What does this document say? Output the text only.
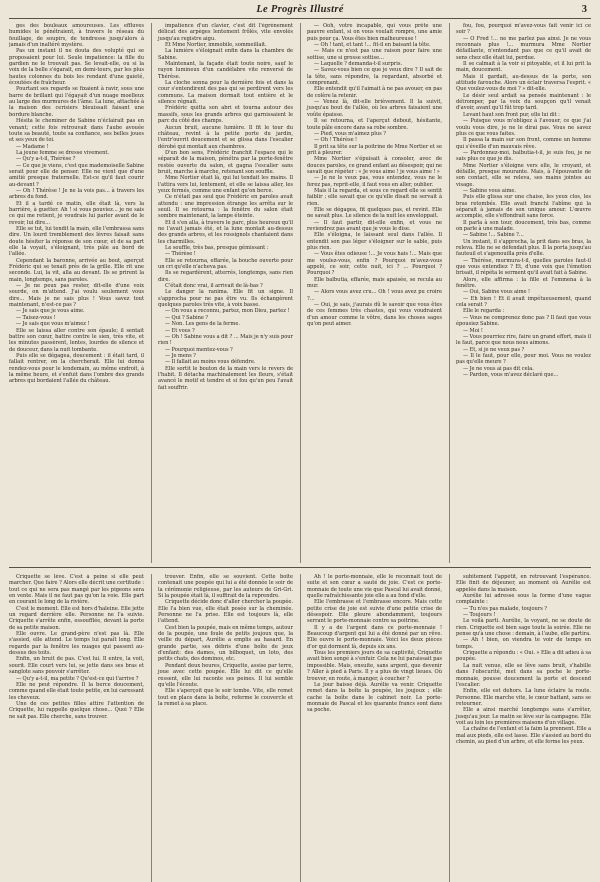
Le Progrès Illustré	3

ges des bouleaux amoureuses. Les effluves humides le pénétraient, à travers le réseau du feuillage, de soupirs, de tendresse jusqu'alors à jamais d'un inaltéré mystère.

Pas un instant il ne douta des volupté qui se proposaient pour lui. Seule impatience: la fille du gardien ne le trouvait pas. Se levait-elle, ou si la voix de la belle s'égarait, en demi-tours, par les plus hautes colonnes du bois les rendant d'une gaieté, écoutées de fraîcheur.

Pourtant ses regards se fixaient à ravir, sous une barre de brillant qui l'égayait d'un nuage moelleux au large des murmures de l'âme. La lune, attachée à la maison des cerisiers bleuissait faisant une bordure blanche.

Hésita le cheminer de Sabine n'éclairait pas en venant; cette fois retrouvait dans l'aube avouée toute sa beauté, toute sa confiance, ses belles joues et ses yeux de toi.

— Madame !

La jeune femme se dresse vivement.

— Qu'y a-t-il, Thérèse ?

— Ce que je viens, c'est que mademoiselle Sabine serait pour elle de penser. Elle ne vient que d'une amitié presque fraternelle. Est-ce qu'il faut courir au-devant ?

— Oh ! Thérèse ! Je ne la vois pas... à travers les arbres du fond.

Et il a tardé ce matin, elle était là, vers la barrière, à guetter. Ah ! si vous pouviez... je ne sais ce qui me retient, je voudrais lui parler avant de le revoir, lui dire...

Elle se tut, lui tendit la main, elle l'embrassa sans dire. Un lourd tremblement des lèvres faisait sans doute hésiter la réponse de son cœur, et de sa part elle la voyait, s'éloignant, très pâle au bord de l'allée.

Cependant la baronne, arrivée au bout, aperçut Frédéric qui se tenait près de la grille. Elle rit une seconde. Lui, la vit, alla au devant. Ils se prirent la main, longtemps, sans paroles.

— Je ne peux pas rester, dit-elle d'une voix sourde, on m'attend. J'ai voulu seulement vous dire... Mais je ne sais plus ! Vous savez tout maintenant, n'est-ce pas ?

— Je sais que je vous aime.

— Taisez-vous !

— Je sais que vous m'aimez !

Elle se laissa aller contre son épaule; il sentait battre son cœur, battre contre le sien, très vite, et les minutes passèrent, lentes, lourdes de silence et de douceur, dans la nuit tombante.

Puis elle se dégagea, doucement : il était tard, il fallait rentrer, on la chercherait. Elle lui donna rendez-vous pour le lendemain, au même endroit, à la même heure, et s'enfuit dans l'ombre des grands arbres qui bordaient l'allée du château.

impatience d'un clavier, c'est dit l'égrènement délicat des arpèges lentement frôlés, vite envolés jusqu'au registre aigu.

Et Mme Nortier, immobile, sommeillait.

La lumière s'éloignait enfin dans la chambre de Sabine.

Maintenant, la façade était toute noire, sauf le rayon lumineux d'un candélabre vite renversé de Thérèse.

La cloche sonna pour la dernière fois et dans la cour s'entendirent des pas qui se perdirent vers les communs. La maison dormait tout entière et le silence régnait.

Frédéric quitta son abri et tourna autour des massifs, sous les grands arbres qui garnissaient le parc du côté des champs.

Aucun bruit, aucune lumière. Il fit le tour du château, revint à la petite porte du jardin, l'entr'ouvrit doucement et se glissa dans l'escalier dérobé qui montait aux chambres.

D'un bon sens, Frédéric franchit l'espace qui le séparait de la maison, pénétra par la porte-fenêtre restée ouverte du salon, et gagna l'escalier sans bruit, marche à marche, retenant son souffle.

Mme Nortier était là, qui lui tendait les mains. Il l'attira vers lui, lentement, et elle se laissa aller, les yeux fermés, comme une enfant qu'on berce.

Ce n'était pas seul que Frédéric en paroles avait attendu : une impression étrange les arrêta sur le seuil. Il se retourna : la fenêtre du salon était sombre maintenant, la lampe éteinte.

Et il s'en alla, à travers le parc, plus heureux qu'il ne l'avait jamais été, et la lune montait au-dessus des grands arbres, et les rossignols chantaient dans les charmilles.

Le souffle, très bas, presque gémissant :

— Thérèse !

Elle se retourna, effarée, la bouche ouverte pour un cri qu'elle n'acheva pas.

Ils se regardèrent, atterrés, longtemps, sans rien dire.

C'était donc vrai, il arrivait de là-bas ?

Le danger la ranima. Elle fit un signe. Il s'approcha pour ne pas être vu. Ils échangèrent quelques paroles très vite, à voix basse.

— On vous a reconnu, partez, mon Dieu, partez !

— Qui ? Sabine ?

— Non. Les gens de la ferme.

— Et vous ?

— Oh ! Sabine vous a dit ? ... Mais je n'y suis pour rien !

— Pourquoi mentez-vous ?

— Je mens ?

— Il fallait au moins vous défendre.

Elle sortit le bouton de la main vers le revers de l'habit. Il détacha machinalement les fleurs, s'était avancé le motif et tendre et si fou qu'un peu l'avait fait souffrir.

— Ooh, votre incapable, qui vous prête une pauvre enfant, si on vous voulait rompre, une amie puis pour ça. Vous êtes bien malheureuse !

— Oh ! tant, et tant !... fit-il en baisant la tête.

— Mais ce n'est pas une raison pour faire une sottise, une si grosse sottise...

— Laquelle ? demanda-t-il surpris.

— Savez-vous bien ce que je veux dire ? Il sait de la tête, sans répondre, la regardant, absorbé et comprenant.

Elle entendit qu'il l'aimait à ne pas avouer, en pas de colère la retenir.

— Venez là, dit-elle brièvement. Il la suivit, jusqu'au bout de l'allée, où les arbres faisaient une voûte épaisse.

Il se retourna, et l'aperçut debout, hésitante, toute pâle encore dans sa robe sombre.

— Pied, vous m'aimez plus ?

— Oh ! Thérèse !

Il prit sa tête sur la poitrine de Mme Nortier et se prit à pleurer.

Mme Nortier s'épuisait à consoler, avec de douces paroles, ce grand enfant au désespoir, qui ne savait que répéter : « Je vous aime ! je vous aime ! »

— Je ne le veux pas, vous entendez, vous ne le ferez pas, reprit-elle, il faut vous en aller, oublier.

Mais il la regarda, et sous ce regard elle se sentit faiblir ; elle savait que ce qu'elle disait ne servait à rien.

Elle se dégagea, fit quelques pas, et revint. Elle ne savait plus. Le silence de la nuit les enveloppait.

— Il faut partir, dit-elle enfin, et vous ne reviendrez pas avant que je vous le dise.

Elle s'éloigna, le laissant seul dans l'allée. Il entendit son pas léger s'éloigner sur le sable, puis plus rien.

— Vous êtes odieuse !... Je vous hais !... Mais que me voulez-vous, enfin ? Pourquoi m'avez-vous appelé, ce soir, cette nuit, ici ? ... Pourquoi ? Pourquoi ?

Elle balbutia, effarée, mais apaisée, se recula au mur.

— Alors vous avez cru... Oh ! vous avez pu croire ?...

— Oui, je sais, j'aurais dû le savoir que vous êtes de ces femmes très chastes, qui vous voudraient d'un amour comme le vôtre, dans les choses sages qu'on peut aimer.

fou, fou, pourquoi m'avez-vous fait venir ici ce soir ?

— O Fred !... ne me parlez pas ainsi. Je ne vous reconnais plus !... murmura Mme Nortier défaillante, n'entendant pas que ce qu'il avait de sens chez elle était lui, perdue.

Il se calmait à la voir si pitoyable, et il lui prit la main, doucement.

Mais il gardait, au-dessus de la porte, son attitude farouche. Alors un éclair traversa l'esprit. « Que voulez-vous de moi ? » dit-elle.

Le désir seul ardait sa pensée maintenant : le détromper, par la voix du soupçon qu'il venait d'avoir, avant qu'il fût trop tard.

Levant haut son front pur, elle lui dit :

— Puisque vous m'obligez à l'avouer, ce que j'ai voulu vous dire, je ne le dirai pas. Vous ne savez plus ce que vous faites.

Il passa la main sur son front, comme un homme qui s'éveille d'un mauvais rêve.

— Pardonnez-moi, balbutia-t-il, je suis fou, je ne sais plus ce que je dis.

Mme Nortier s'éloigne vers elle, le croyant, et défaille, presque mourante. Mais, à l'épouvante de son contact, elle se releva, ses mains jointes au visage.

— Sabine vous aime.

Puis elle glissa sur une chaise, les yeux clos, les bras retombés. Elle avait franchi l'abîme qui la séparait à jamais de son unique amour. L'œuvre accomplie, elle s'effondrait sans force.

Il parla à son tour, doucement, très bas, comme on parle à une malade.

— Sabine !... Sabine ?...

Un instant, il s'approcha, la prit dans ses bras, la releva. Elle ne se défendait plus. Il la porta jusqu'au fauteuil et s'agenouilla près d'elle.

— Thérèse, murmura-t-il, quelles paroles faut-il que vous entendiez ? Et, d'une voix que l'émotion brisait, il répéta le serment qu'il avait fait à Sabine.

Alors, elle affirma : la fille et l'emmena à la fenêtre.

— Oui, Sabine vous aime !

— Eh bien ! Et il avait impétueusement, quand cela serait ?

Elle le regarda :

— Vous ne comprenez donc pas ? Il faut que vous épousiez Sabine.

— Moi !

— Vous pourriez rire, faire un grand effort, mais il le faut, parce que nous nous aimons.

— Et, si je ne veux pas ?

— Il le faut, pour elle, pour moi. Vous ne voulez pas qu'elle meure ?

— Je ne vous ai pas dit cela.

— Pardon, vous m'avez déclaré que...

Criquette se lève. C'est à peine si elle peut marcher. Que faire ? Alors elle décrit une certitude : tout ce qui ne sera pas mangé par les pigeons sera en vente. Mais il ne faut pas qu'on la voie. Elle part en courant le long de la rivière.

C'est le moment. Elle est hors d'haleine. Elle jette un regard derrière elle. Personne ne l'a suivie. Criquette s'arrête enfin, essoufflée, devant la porte de sa petite maison.

Elle ouvre. Le grand-père n'est pas là. Elle s'assied, elle attend. Le temps lui paraît long. Elle regarde par la fenêtre les nuages qui passent au-dessus des toits.

Enfin, un bruit de pas. C'est lui. Il entre, la voit, sourit. Elle court vers lui, se jette dans ses bras et sanglote sans pouvoir s'arrêter.

— Qu'y a-t-il, ma petite ? Qu'est-ce qui t'arrive ?

Elle ne peut répondre. Il la berce doucement, comme quand elle était toute petite, en lui caressant les cheveux.

Une de ces petites filles attire l'attention de Criquette, lui rappelle quelque chose... Quoi ? Elle ne sait pas. Elle cherche, sans trouver.

trouver. Enfin, elle se souvient. Cette boîte contenait une poupée qui lui a été donnée le soir de la cérémonie religieuse, par les auteurs de Gri-Gri. Si la poupée était là, il suffirait de la reprendre.

Criquette décide donc d'aller chercher la poupée. Elle l'a bien vue, elle était posée sur la cheminée. Personne ne l'a prise. Elle est toujours là, elle l'attend.

Cest bien la poupée, mais en même temps, autour de la poupée, une foule de petits joujoux que, la veille du départ, Aurélie a emplis au hasard. En grande partie, ses débris d'une boîte de jeux d'enfant: des dames, un bilboquet, un loto, des petits chats, des dominos, etc.

Pendant deux heures, Criquette, assise par terre, joue avec cette poupée. Elle lui dit ce qu'elle ressent, elle lui raconte ses peines. Il lui semble qu'elle l'écoute.

Elle s'aperçoit que le soir tombe. Vite, elle remet tout en place dans la boîte, referme le couvercle et la remet à sa place.

Ah ! le porte-monnaie, elle le reconnaît tout de suite et son cœur a sauté de joie. C'est ce porte-monnaie de toute une vie que Pascal lui avait donné, quelle rafraîchissante joie elle a au fond d'elle.

Elle l'embrasse et l'embrasse encore. Mais cette petite crise de joie est suivie d'une petite crise de désespoir. Elle pleure abondamment, toujours serrant le porte-monnaie contre sa poitrine.

Il y a de l'argent dans ce porte-monnaie ! Beaucoup d'argent qui lui a été donné par un rêve. Elle ouvre le porte-monnaie. Voici les deux pièces d'or qui dorment là, depuis six ans.

Tous les premiers jours de sa captivité, Criquette avait bien songé à s'enfuir. Cela ne lui paraissait pas impossible. Mais, ensuite, sans argent, que devenir ? Aller à pied à Paris. Il y a plus de vingt lieues. Où trouver, en route, à manger, à coucher ?

Le jour baisse déjà. Aurélie va venir. Criquette remet dans la boîte la poupée, les joujoux ; elle cache la boîte dans le cabinet noir. Le porte-monnaie de Pascal et les quarante francs sont dans sa poche.

subitement l'appétit, en retrouvant l'espérance. Elle finit de déjeuner, au moment où Aurélie est appelée dans la maison.

Aurélie lui adresse sous la forme d'une vague complainte :

— Tu n'es pas malade, toujours ?

— Toujours !

Le voilà parti. Aurélie, la voyant, ne se doute de rien. Criquette est bien sage toute la soirée. Elle ne pense qu'à une chose : demain, à l'aube, elle partira.

— Ah ! bien, on viendra te voir de temps en temps.

Criquette a répondu : « Oui. » Elle a dit adieu à sa poupée.

La nuit venue, elle se lève sans bruit, s'habille dans l'obscurité, met dans sa poche le porte-monnaie, pousse doucement la porte et descend l'escalier.

Enfin, elle est dehors. La lune éclaire la route. Personne. Elle marche vite, le cœur battant, sans se retourner.

Elle a ainsi marché longtemps sans s'arrêter, jusqu'au jour. Le matin se lève sur la campagne. Elle voit au loin les premières maisons d'un village.

La chaîne de l'enfant et la faim la prennent. Elle a mal aux pieds, elle est lasse. Elle s'assied au bord du chemin, au pied d'un arbre, et elle ferme les yeux.
